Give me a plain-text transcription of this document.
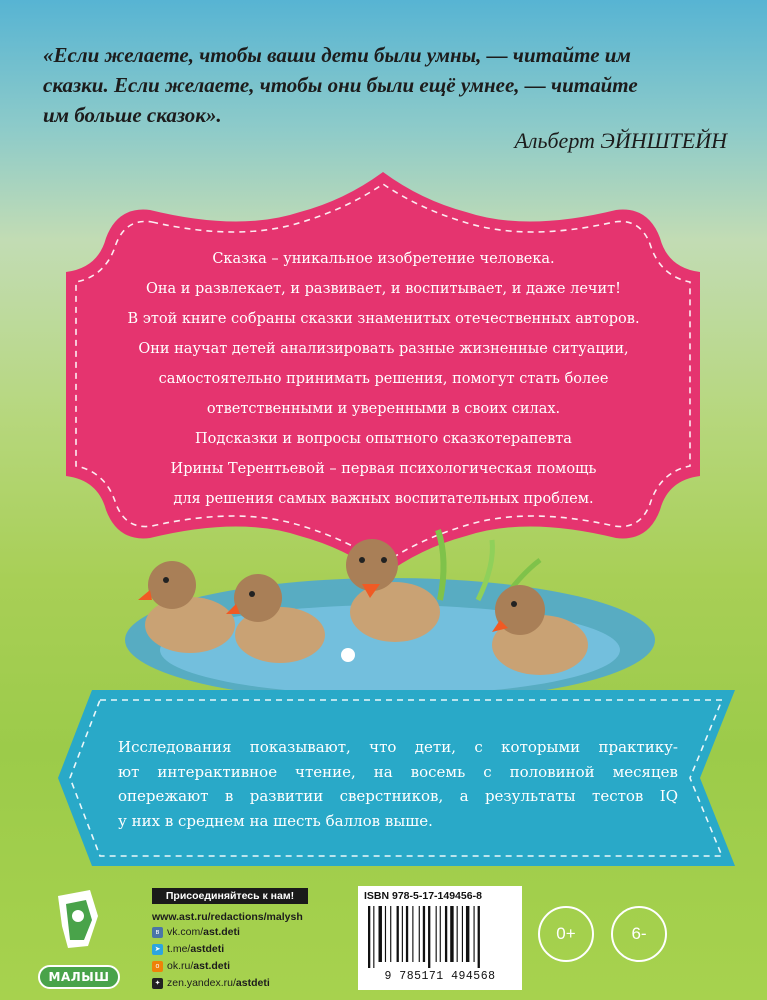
«Если желаете, чтобы ваши дети были умны, — читайте им
сказки. Если желаете, чтобы они были ещё умнее, — читайте
им больше сказок».
Альберт ЭЙНШТЕЙН
Сказка – уникальное изобретение человека.
Она и развлекает, и развивает, и воспитывает, и даже лечит!
В этой книге собраны сказки знаменитых отечественных авторов.
Они научат детей анализировать разные жизненные ситуации,
самостоятельно принимать решения, помогут стать более
ответственными и уверенными в своих силах.
Подсказки и вопросы опытного сказкотерапевта
Ирины Терентьевой – первая психологическая помощь
для решения самых важных воспитательных проблем.
Исследования показывают, что дети, с которыми практику-
ют интерактивное чтение, на восемь с половиной месяцев
опережают в развитии сверстников, а результаты тестов IQ
у них в среднем на шесть баллов выше.
МАЛЫШ
Присоединяйтесь к нам!
www.ast.ru/redactions/malysh
в vk.com/ ast.deti
➤ t.me/ astdeti
о ok.ru/ ast.deti
✦ zen.yandex.ru/ astdeti
ISBN 978-5-17-149456-8
9 785171 494568
0+	6-
